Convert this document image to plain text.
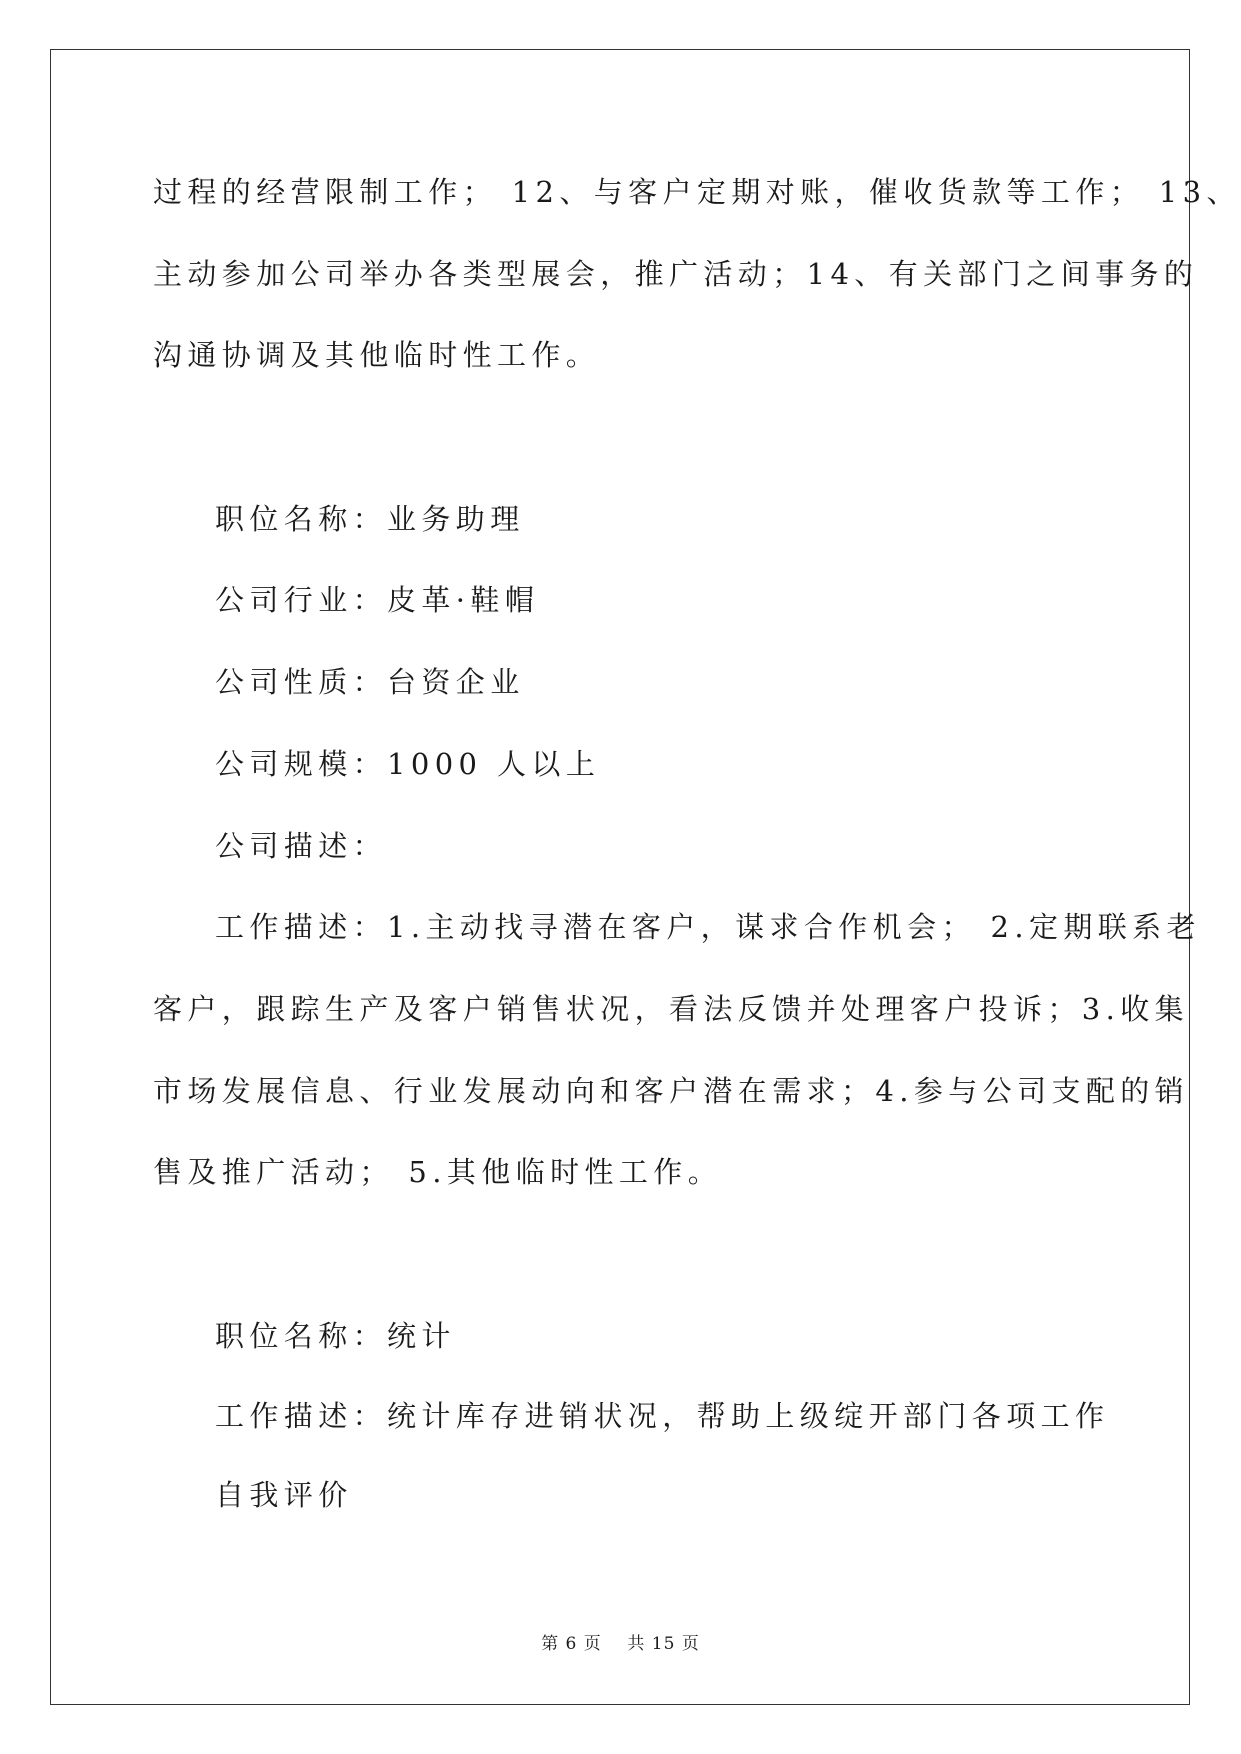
过程的经营限制工作； 12、与客户定期对账，催收货款等工作； 13、
主动参加公司举办各类型展会，推广活动；14、有关部门之间事务的
沟通协调及其他临时性工作。
职位名称：业务助理
公司行业：皮革·鞋帽
公司性质：台资企业
公司规模：1000 人以上
公司描述：
工作描述：1.主动找寻潜在客户，谋求合作机会； 2.定期联系老
客户，跟踪生产及客户销售状况，看法反馈并处理客户投诉；3.收集
市场发展信息、行业发展动向和客户潜在需求；4.参与公司支配的销
售及推广活动； 5.其他临时性工作。
职位名称：统计
工作描述：统计库存进销状况，帮助上级绽开部门各项工作
自我评价
第 6 页    共 15 页
